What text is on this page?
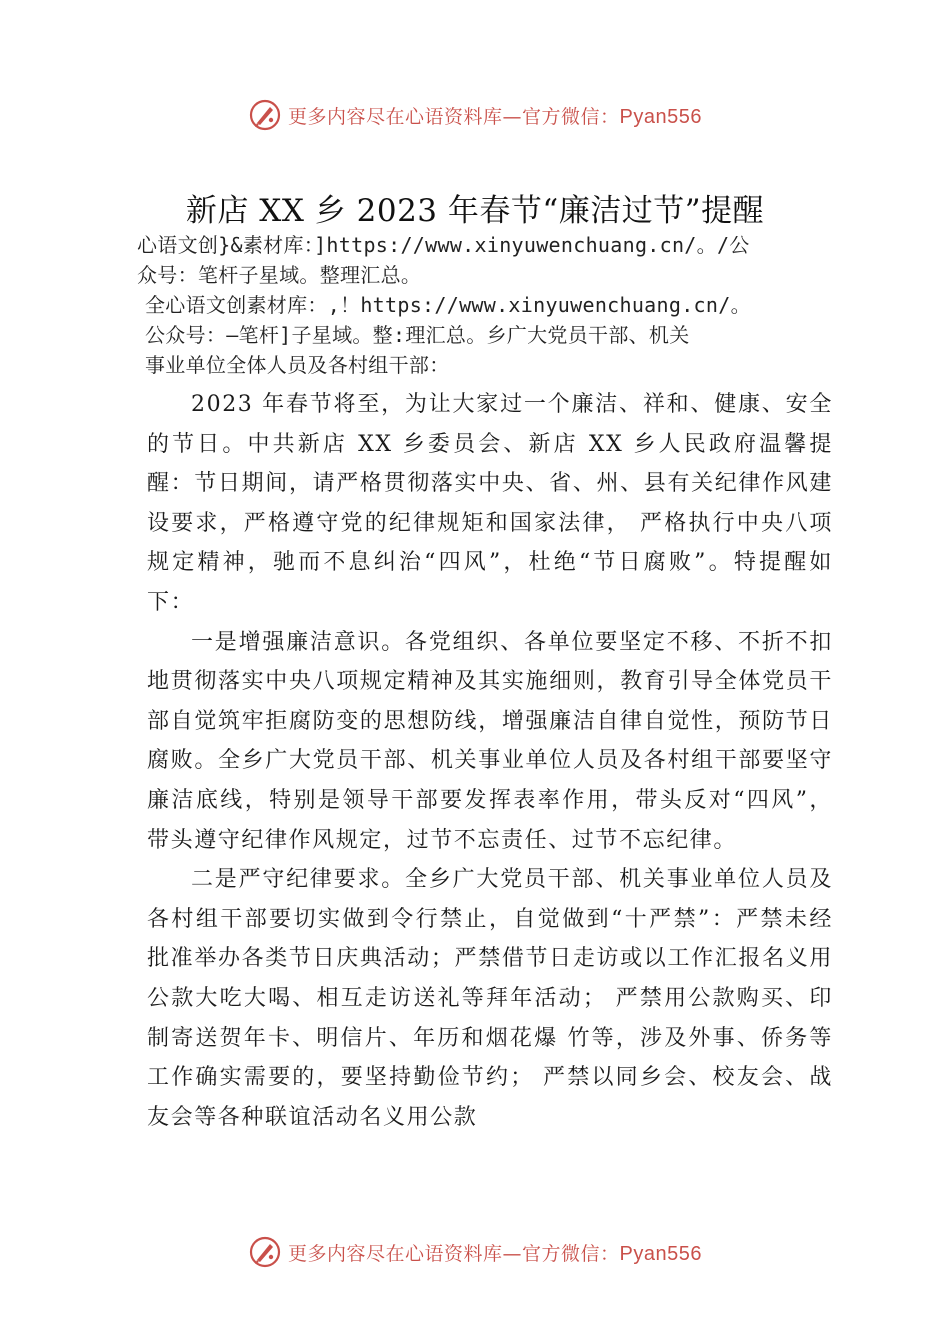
更多内容尽在心语资料库—官方微信：Pyan556
新店 XX 乡 2023 年春节“廉洁过节”提醒
心语文创}&素材库：]https://www.xinyuwenchuang.cn/。/公
众号：笔杆子星域。整理汇总。
全心语文创素材库：,！https://www.xinyuwenchuang.cn/。
公众号：—笔杆]子星域。整:理汇总。乡广大党员干部、机关
事业单位全体人员及各村组干部：

2023 年春节将至，为让大家过一个廉洁、祥和、健康、安全的节日。中共新店 XX 乡委员会、新店 XX 乡人民政府温馨提醒：节日期间，请严格贯彻落实中央、省、州、县有关纪律作风建设要求，严格遵守党的纪律规矩和国家法律， 严格执行中央八项规定精神，驰而不息纠治“四风”，杜绝“节日腐败”。特提醒如下：

一是增强廉洁意识。各党组织、各单位要坚定不移、不折不扣地贯彻落实中央八项规定精神及其实施细则，教育引导全体党员干部自觉筑牢拒腐防变的思想防线，增强廉洁自律自觉性，预防节日腐败。全乡广大党员干部、机关事业单位人员及各村组干部要坚守廉洁底线，特别是领导干部要发挥表率作用，带头反对“四风”，带头遵守纪律作风规定，过节不忘责任、过节不忘纪律。

二是严守纪律要求。全乡广大党员干部、机关事业单位人员及各村组干部要切实做到令行禁止，自觉做到“十严禁”：严禁未经批准举办各类节日庆典活动；严禁借节日走访或以工作汇报名义用公款大吃大喝、相互走访送礼等拜年活动； 严禁用公款购买、印制寄送贺年卡、明信片、年历和烟花爆 竹等，涉及外事、侨务等工作确实需要的，要坚持勤俭节约； 严禁以同乡会、校友会、战友会等各种联谊活动名义用公款

更多内容尽在心语资料库—官方微信：Pyan556
